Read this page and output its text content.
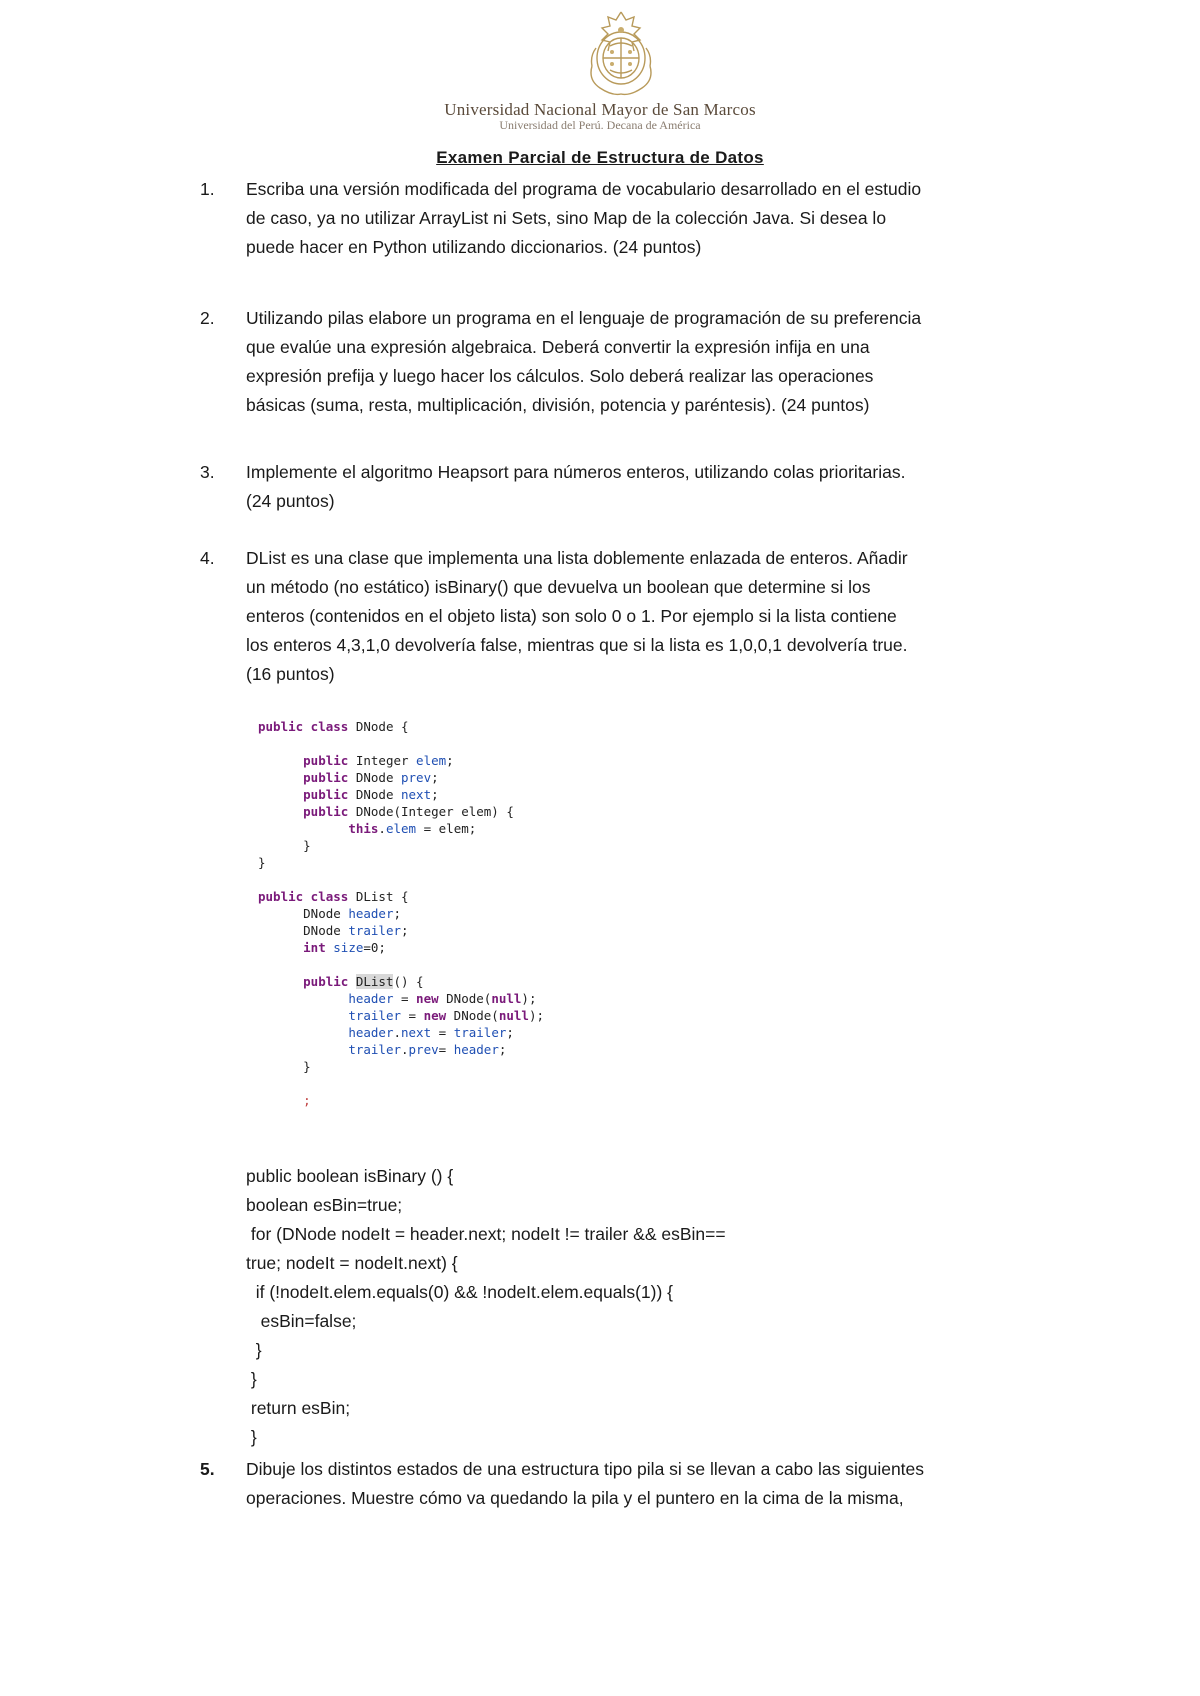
Universidad Nacional Mayor de San Marcos
Universidad del Perú. Decana de América
Examen Parcial de Estructura de Datos
1.	Escriba una versión modificada del programa de vocabulario desarrollado en el estudio
de caso, ya no utilizar ArrayList ni Sets, sino Map de la colección Java. Si desea lo
puede hacer en Python utilizando diccionarios. (24 puntos)
2.	Utilizando pilas elabore un programa en el lenguaje de programación de su preferencia
que evalúe una expresión algebraica. Deberá convertir la expresión infija en una
expresión prefija y luego hacer los cálculos. Solo deberá realizar las operaciones
básicas (suma, resta, multiplicación, división, potencia y paréntesis). (24 puntos)
3.	Implemente el algoritmo Heapsort para números enteros, utilizando colas prioritarias.
(24 puntos)
4.	DList es una clase que implementa una lista doblemente enlazada de enteros. Añadir
un método (no estático) isBinary() que devuelva un boolean que determine si los
enteros (contenidos en el objeto lista) son solo 0 o 1. Por ejemplo si la lista contiene
los enteros 4,3,1,0 devolvería false, mientras que si la lista es 1,0,0,1 devolvería true.
(16 puntos)
public class DNode {

public Integer elem;
public DNode prev;
public DNode next;
public DNode(Integer elem) {
this.elem = elem;
}
}

public class DList {
DNode header;
DNode trailer;
int size=0;

public DList() {
header = new DNode(null);
trailer = new DNode(null);
header.next = trailer;
trailer.prev= header;
}

;
public boolean isBinary () {
boolean esBin=true;
for (DNode nodeIt = header.next; nodeIt != trailer && esBin==
true; nodeIt = nodeIt.next) {
if (!nodeIt.elem.equals(0) && !nodeIt.elem.equals(1)) {
esBin=false;
}
}
return esBin;
}
5.	Dibuje los distintos estados de una estructura tipo pila si se llevan a cabo las siguientes
operaciones. Muestre cómo va quedando la pila y el puntero en la cima de la misma,
